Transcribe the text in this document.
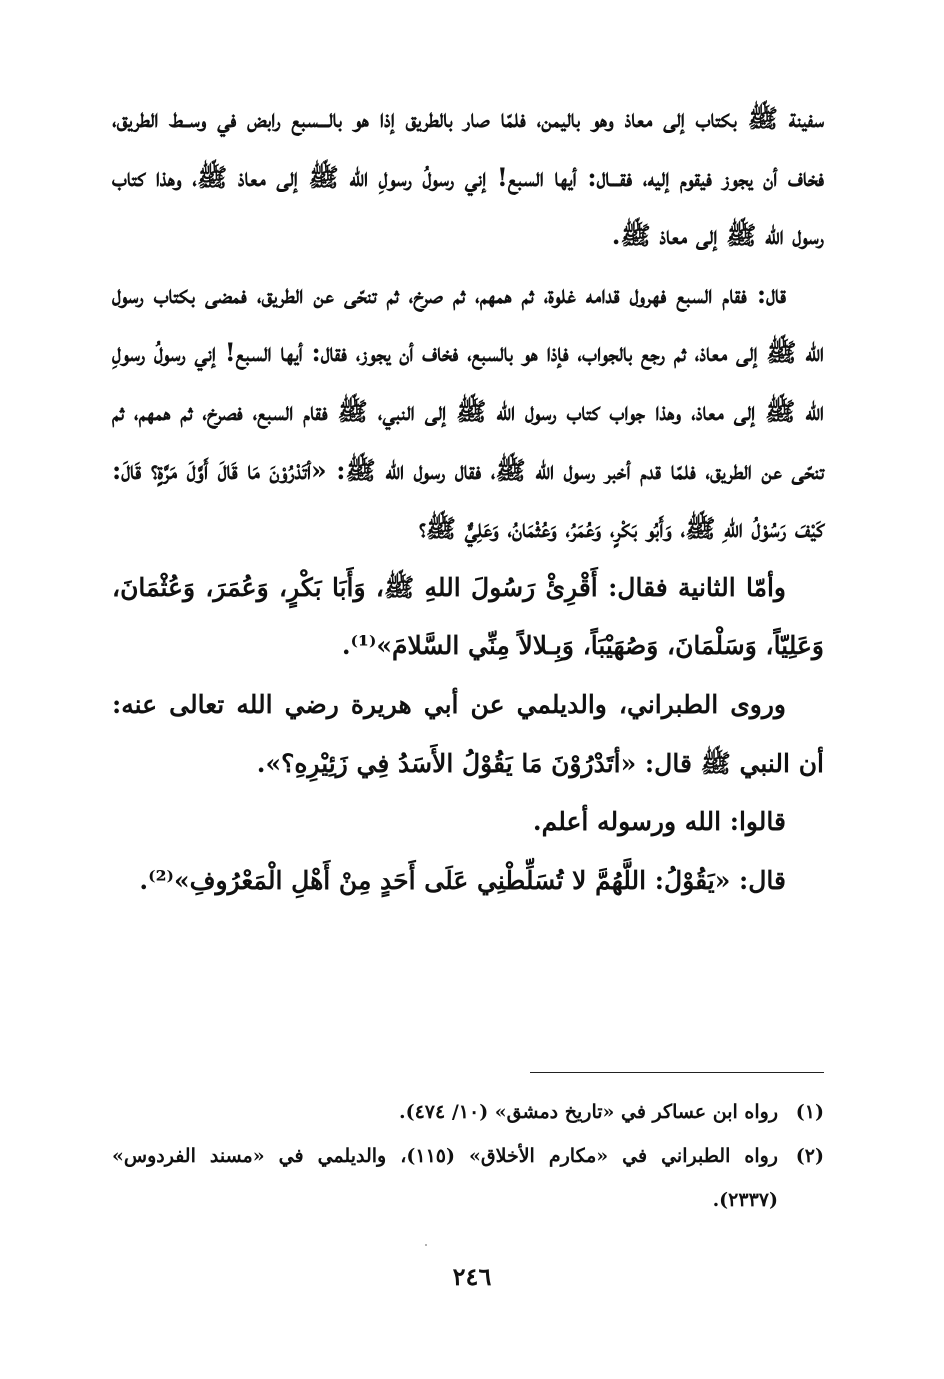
سفينة ﷺ بكتاب إلى معاذ وهو باليمن، فلمّا صار بالطريق إذا هو بالـــسبع رابض في وســط الطريق، فخاف أن يجوز فيقوم إليه، فقـــال: أيها السبع! إني رسولُ رسولِ الله ﷺ إلى معاذ ﷺ، وهذا كتاب رسول الله ﷺ إلى معاذ ﷺ.

قال: فقام السبع فهرول قدامه غلوة، ثم همهم، ثم صرخ، ثم تنحّى عن الطريق، فمضى بكتاب رسول الله ﷺ إلى معاذ، ثم رجع بالجواب، فإذا هو بالسبع، فخاف أن يجوز، فقال: أيها السبع! إني رسولُ رسولِ الله ﷺ إلى معاذ، وهذا جواب كتاب رسول الله ﷺ إلى النبي، ﷺ فقام السبع، فصرخ، ثم همهم، ثم تنحّى عن الطريق، فلمّا قدم أخبر رسول الله ﷺ، فقال رسول الله ﷺ: «أتَدْرُوْنَ مَا قَالَ أَوَّلَ مَرَّةٍ؟ قَالَ: كَيْفَ رَسُوْلُ اللهِ ﷺ، وَأَبُو بَكْرٍ، وَعُمَرُ، وَعُثْمَانُ، وَعَلِيٌّ ﷺ؟

وأمّا الثانية فقال: أَقْرِئْ رَسُولَ اللهِ ﷺ، وَأَبَا بَكْرٍ، وَعُمَرَ، وَعُثْمَانَ، وَعَلِيّاً، وَسَلْمَانَ، وَصُهَيْبَاً، وَبِـلالاً مِنِّي السَّلامَ»⁽¹⁾.

وروى الطبراني، والديلمي عن أبي هريرة رضي الله تعالى عنه: أن النبي ﷺ قال: «أتَدْرُوْنَ مَا يَقُوْلُ الأَسَدُ فِي زَئِيْرِهِ؟».

قالوا: الله ورسوله أعلم.

قال: «يَقُوْلُ: اللَّهُمَّ لا تُسَلِّطْنِي عَلَى أَحَدٍ مِنْ أَهْلِ الْمَعْرُوفِ»⁽²⁾.

(١)
رواه ابن عساكر في «تاريخ دمشق» (١٠/ ٤٧٤).
(٢)
رواه الطبراني في «مكارم الأخلاق» (١١٥)، والديلمي في «مسند الفردوس» (٢٣٣٧).
٢٤٦
